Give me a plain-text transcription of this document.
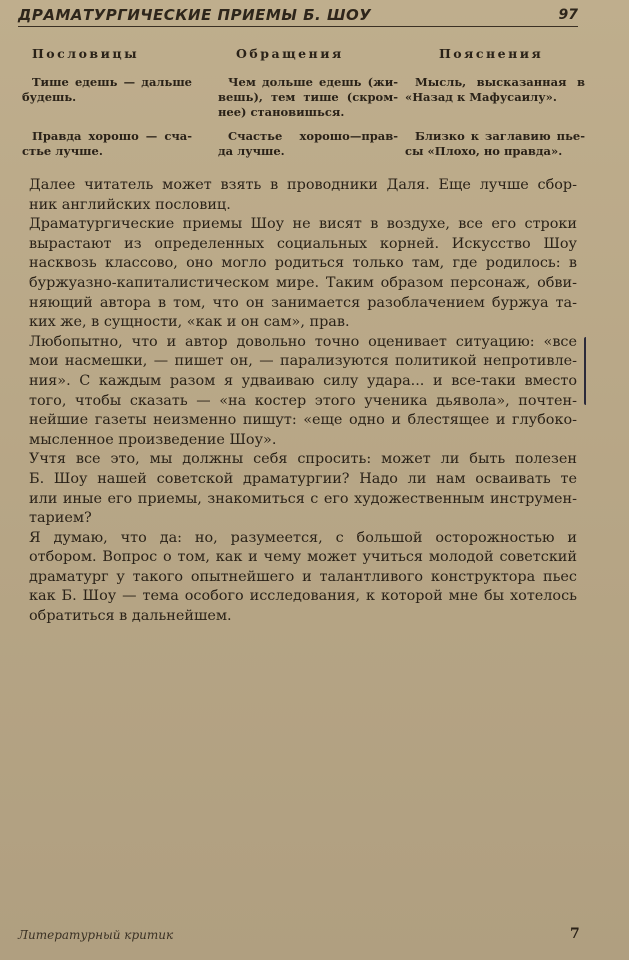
ДРАМАТУРГИЧЕСКИЕ ПРИЕМЫ Б. ШОУ	97
Пословицы
Тише едешь — дальше
будешь.
Правда хорошо — сча-
стье лучше.
Обращения
Чем дольше едешь (жи-
вешь), тем тише (скром-
нее) становишься.
Счастье хорошо—прав-
да лучше.
Пояснения
Мысль, высказанная в
«Назад к Мафусаилу».
Близко к заглавию пье-
сы «Плохо, но правда».

Далее читатель может взять в проводники Даля. Еще лучше сбор-
ник английских пословиц.

Драматургические приемы Шоу не висят в воздухе, все его строки
вырастают из определенных социальных корней. Искусство Шоу
насквозь классово, оно могло родиться только там, где родилось: в
буржуазно-капиталистическом мире. Таким образом персонаж, обви-
няющий автора в том, что он занимается разоблачением буржуа та-
ких же, в сущности, «как и он сам», прав.

Любопытно, что и автор довольно точно оценивает ситуацию: «все
мои насмешки, — пишет он, — парализуются политикой непротивле-
ния». С каждым разом я удваиваю силу удара... и все-таки вместо
того, чтобы сказать — «на костер этого ученика дьявола», почтен-
нейшие газеты неизменно пишут: «еще одно и блестящее и глубоко-
мысленное произведение Шоу».

Учтя все это, мы должны себя спросить: может ли быть полезен
Б. Шоу нашей советской драматургии? Надо ли нам осваивать те
или иные его приемы, знакомиться с его художественным инструмен-
тарием?

Я думаю, что да: но, разумеется, с большой осторожностью и
отбором. Вопрос о том, как и чему может учиться молодой советский
драматург у такого опытнейшего и талантливого конструктора пьес
как Б. Шоу — тема особого исследования, к которой мне бы хотелось
обратиться в дальнейшем.

Литературный критик	7
